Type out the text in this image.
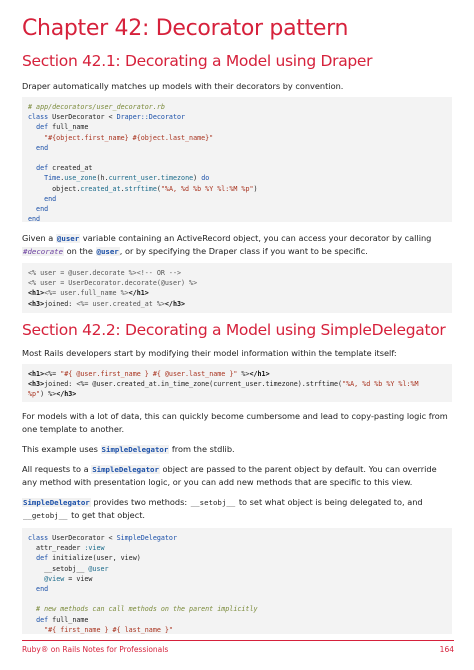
Chapter 42: Decorator pattern
Section 42.1: Decorating a Model using Draper

Draper automatically matches up models with their decorators by convention.

# app/decorators/user_decorator.rb
class UserDecorator < Draper::Decorator
def full_name
"#{object.first_name} #{object.last_name}"
end

def created_at
Time.use_zone(h.current_user.timezone) do
object.created_at.strftime("%A, %d %b %Y %l:%M %p")
end
end
end

Given a @user variable containing an ActiveRecord object, you can access your decorator by calling #decorate on the @user, or by specifying the Draper class if you want to be specific.

<% user = @user.decorate %><!-- OR -->
<% user = UserDecorator.decorate(@user) %>
<h1><%= user.full_name %></h1>
<h3>joined: <%= user.created_at %></h3>
Section 42.2: Decorating a Model using SimpleDelegator

Most Rails developers start by modifying their model information within the template itself:

<h1><%= "#{ @user.first_name } #{ @user.last_name }" %></h1>
<h3>joined: <%= @user.created_at.in_time_zone(current_user.timezone).strftime("%A, %d %b %Y %l:%M
%p") %></h3>

For models with a lot of data, this can quickly become cumbersome and lead to copy-pasting logic from one template to another.

This example uses SimpleDelegator from the stdlib.

All requests to a SimpleDelegator object are passed to the parent object by default. You can override any method with presentation logic, or you can add new methods that are specific to this view.

SimpleDelegator provides two methods: __setobj__ to set what object is being delegated to, and __getobj__ to get that object.

class UserDecorator < SimpleDelegator
attr_reader :view
def initialize(user, view)
__setobj__ @user
@view = view
end

# new methods can call methods on the parent implicitly
def full_name
"#{ first_name } #{ last_name }"
Ruby® on Rails Notes for Professionals	164
